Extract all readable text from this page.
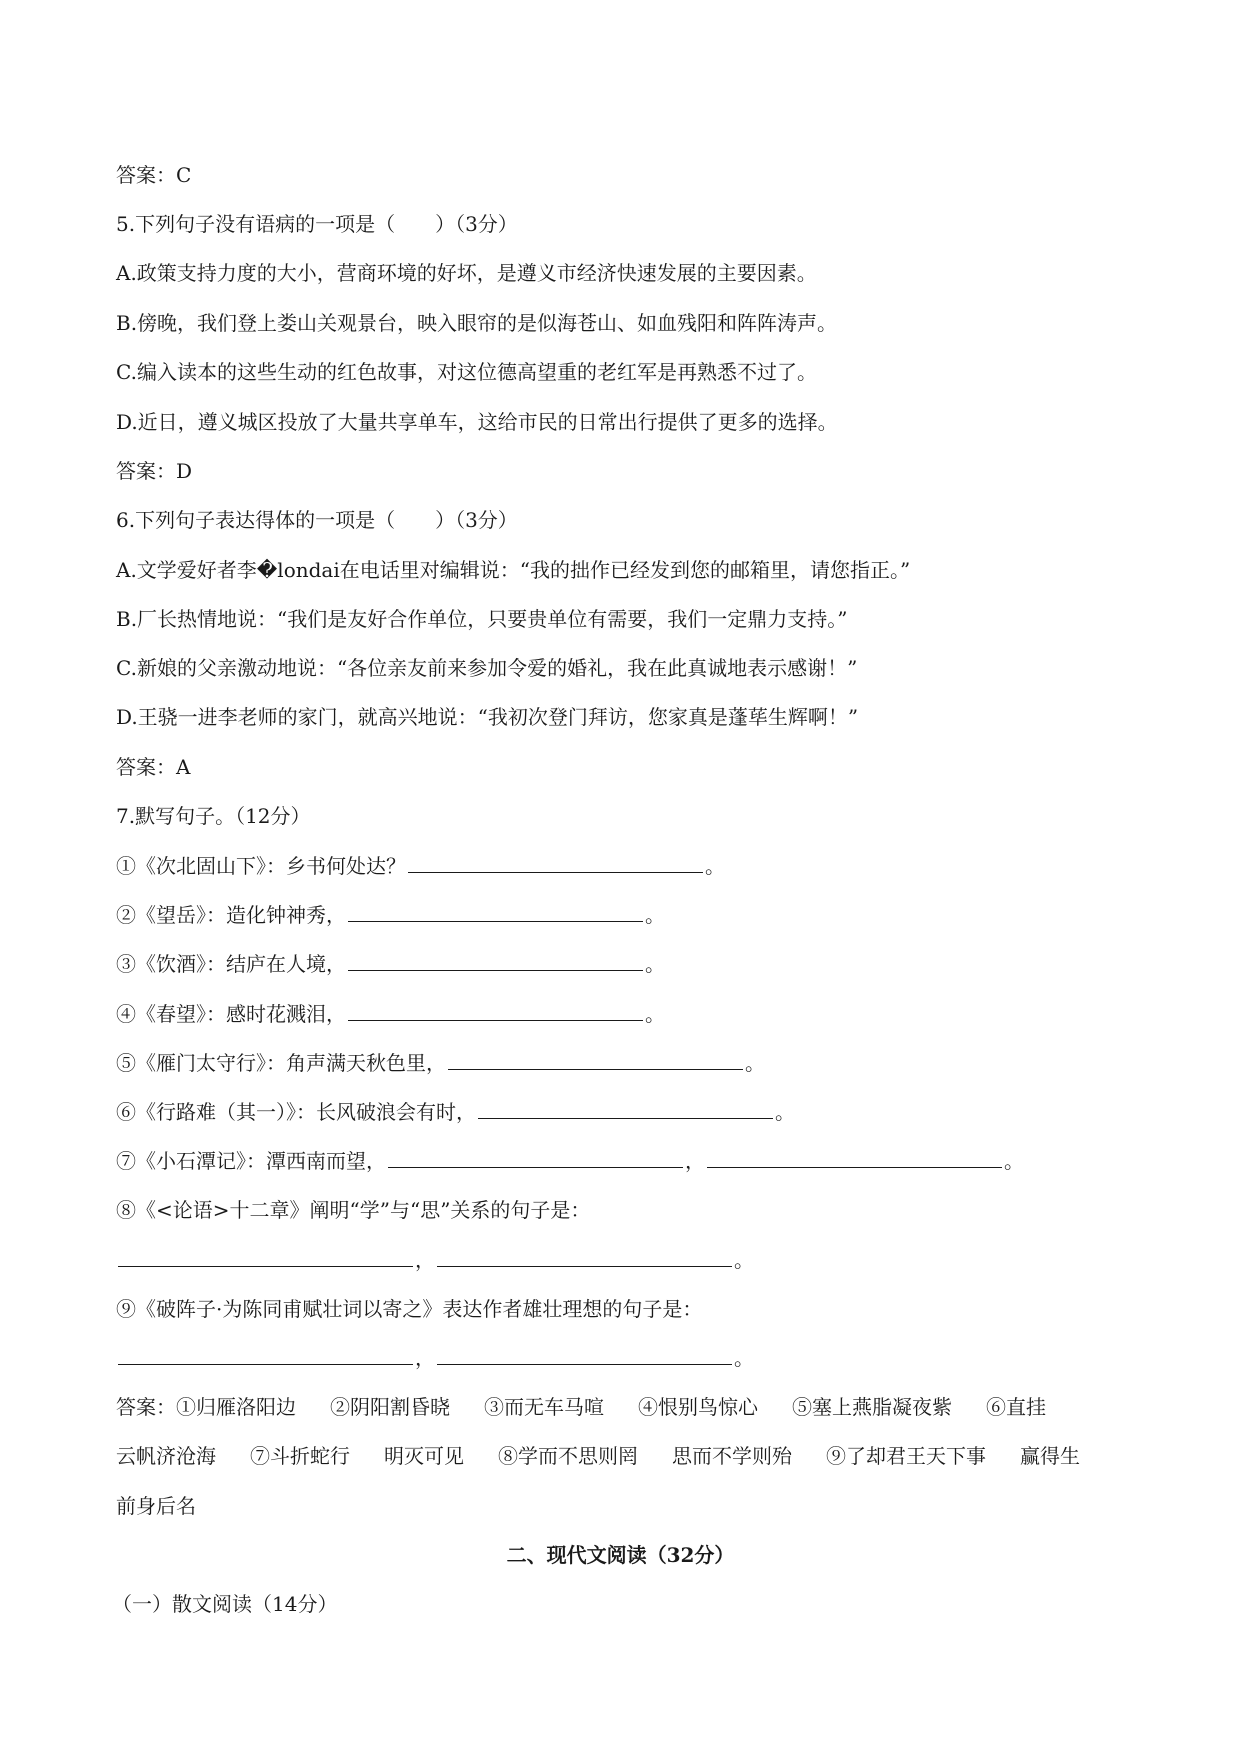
答案：C
5.下列句子没有语病的一项是（　　）（3分）
A.政策支持力度的大小，营商环境的好坏，是遵义市经济快速发展的主要因素。
B.傍晚，我们登上娄山关观景台，映入眼帘的是似海苍山、如血残阳和阵阵涛声。
C.编入读本的这些生动的红色故事，对这位德高望重的老红军是再熟悉不过了。
D.近日，遵义城区投放了大量共享单车，这给市民的日常出行提供了更多的选择。
答案：D
6.下列句子表达得体的一项是（　　）（3分）
A.文学爱好者李�londai在电话里对编辑说：“我的拙作已经发到您的邮箱里，请您指正。”
B.厂长热情地说：“我们是友好合作单位，只要贵单位有需要，我们一定鼎力支持。”
C.新娘的父亲激动地说：“各位亲友前来参加令爱的婚礼，我在此真诚地表示感谢！”
D.王骁一进李老师的家门，就高兴地说：“我初次登门拜访，您家真是蓬荜生辉啊！”
答案：A
7.默写句子。（12分）
①《次北固山下》：乡书何处达？	。
②《望岳》：造化钟神秀，	。
③《饮酒》：结庐在人境，	。
④《春望》：感时花溅泪，	。
⑤《雁门太守行》：角声满天秋色里，	。
⑥《行路难（其一）》：长风破浪会有时，	。
⑦《小石潭记》：潭西南而望，	，	。
⑧《<论语>十二章》阐明“学”与“思”关系的句子是：
，	。
⑨《破阵子·为陈同甫赋壮词以寄之》表达作者雄壮理想的句子是：
，	。
答案：①归雁洛阳边 ②阴阳割昏晓 ③而无车马喧 ④恨别鸟惊心 ⑤塞上燕脂凝夜紫 ⑥直挂
云帆济沧海 ⑦斗折蛇行 明灭可见 ⑧学而不思则罔 思而不学则殆 ⑨了却君王天下事 赢得生
前身后名
二、现代文阅读（32分）
（一）散文阅读（14分）
